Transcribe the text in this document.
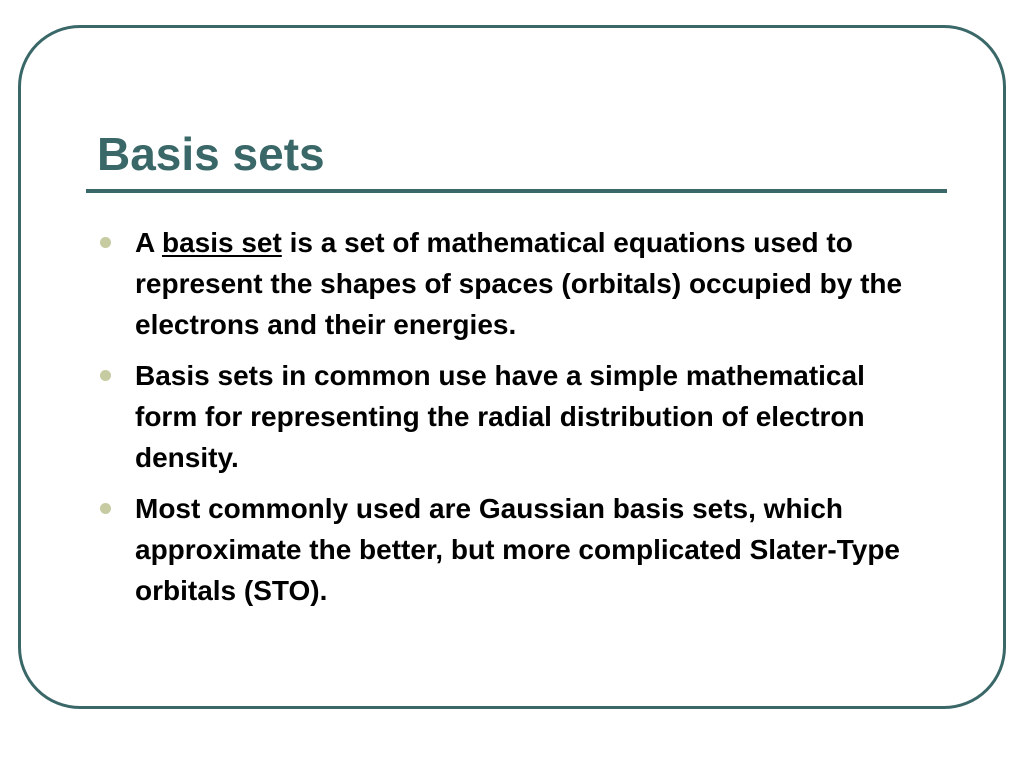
Basis sets
A basis set is a set of mathematical equations used to represent the shapes of spaces (orbitals) occupied by the electrons and their energies.
Basis sets in common use have a simple mathematical form for representing the radial distribution of electron density.
Most commonly used are Gaussian basis sets, which approximate the better, but more complicated Slater-Type orbitals (STO).
